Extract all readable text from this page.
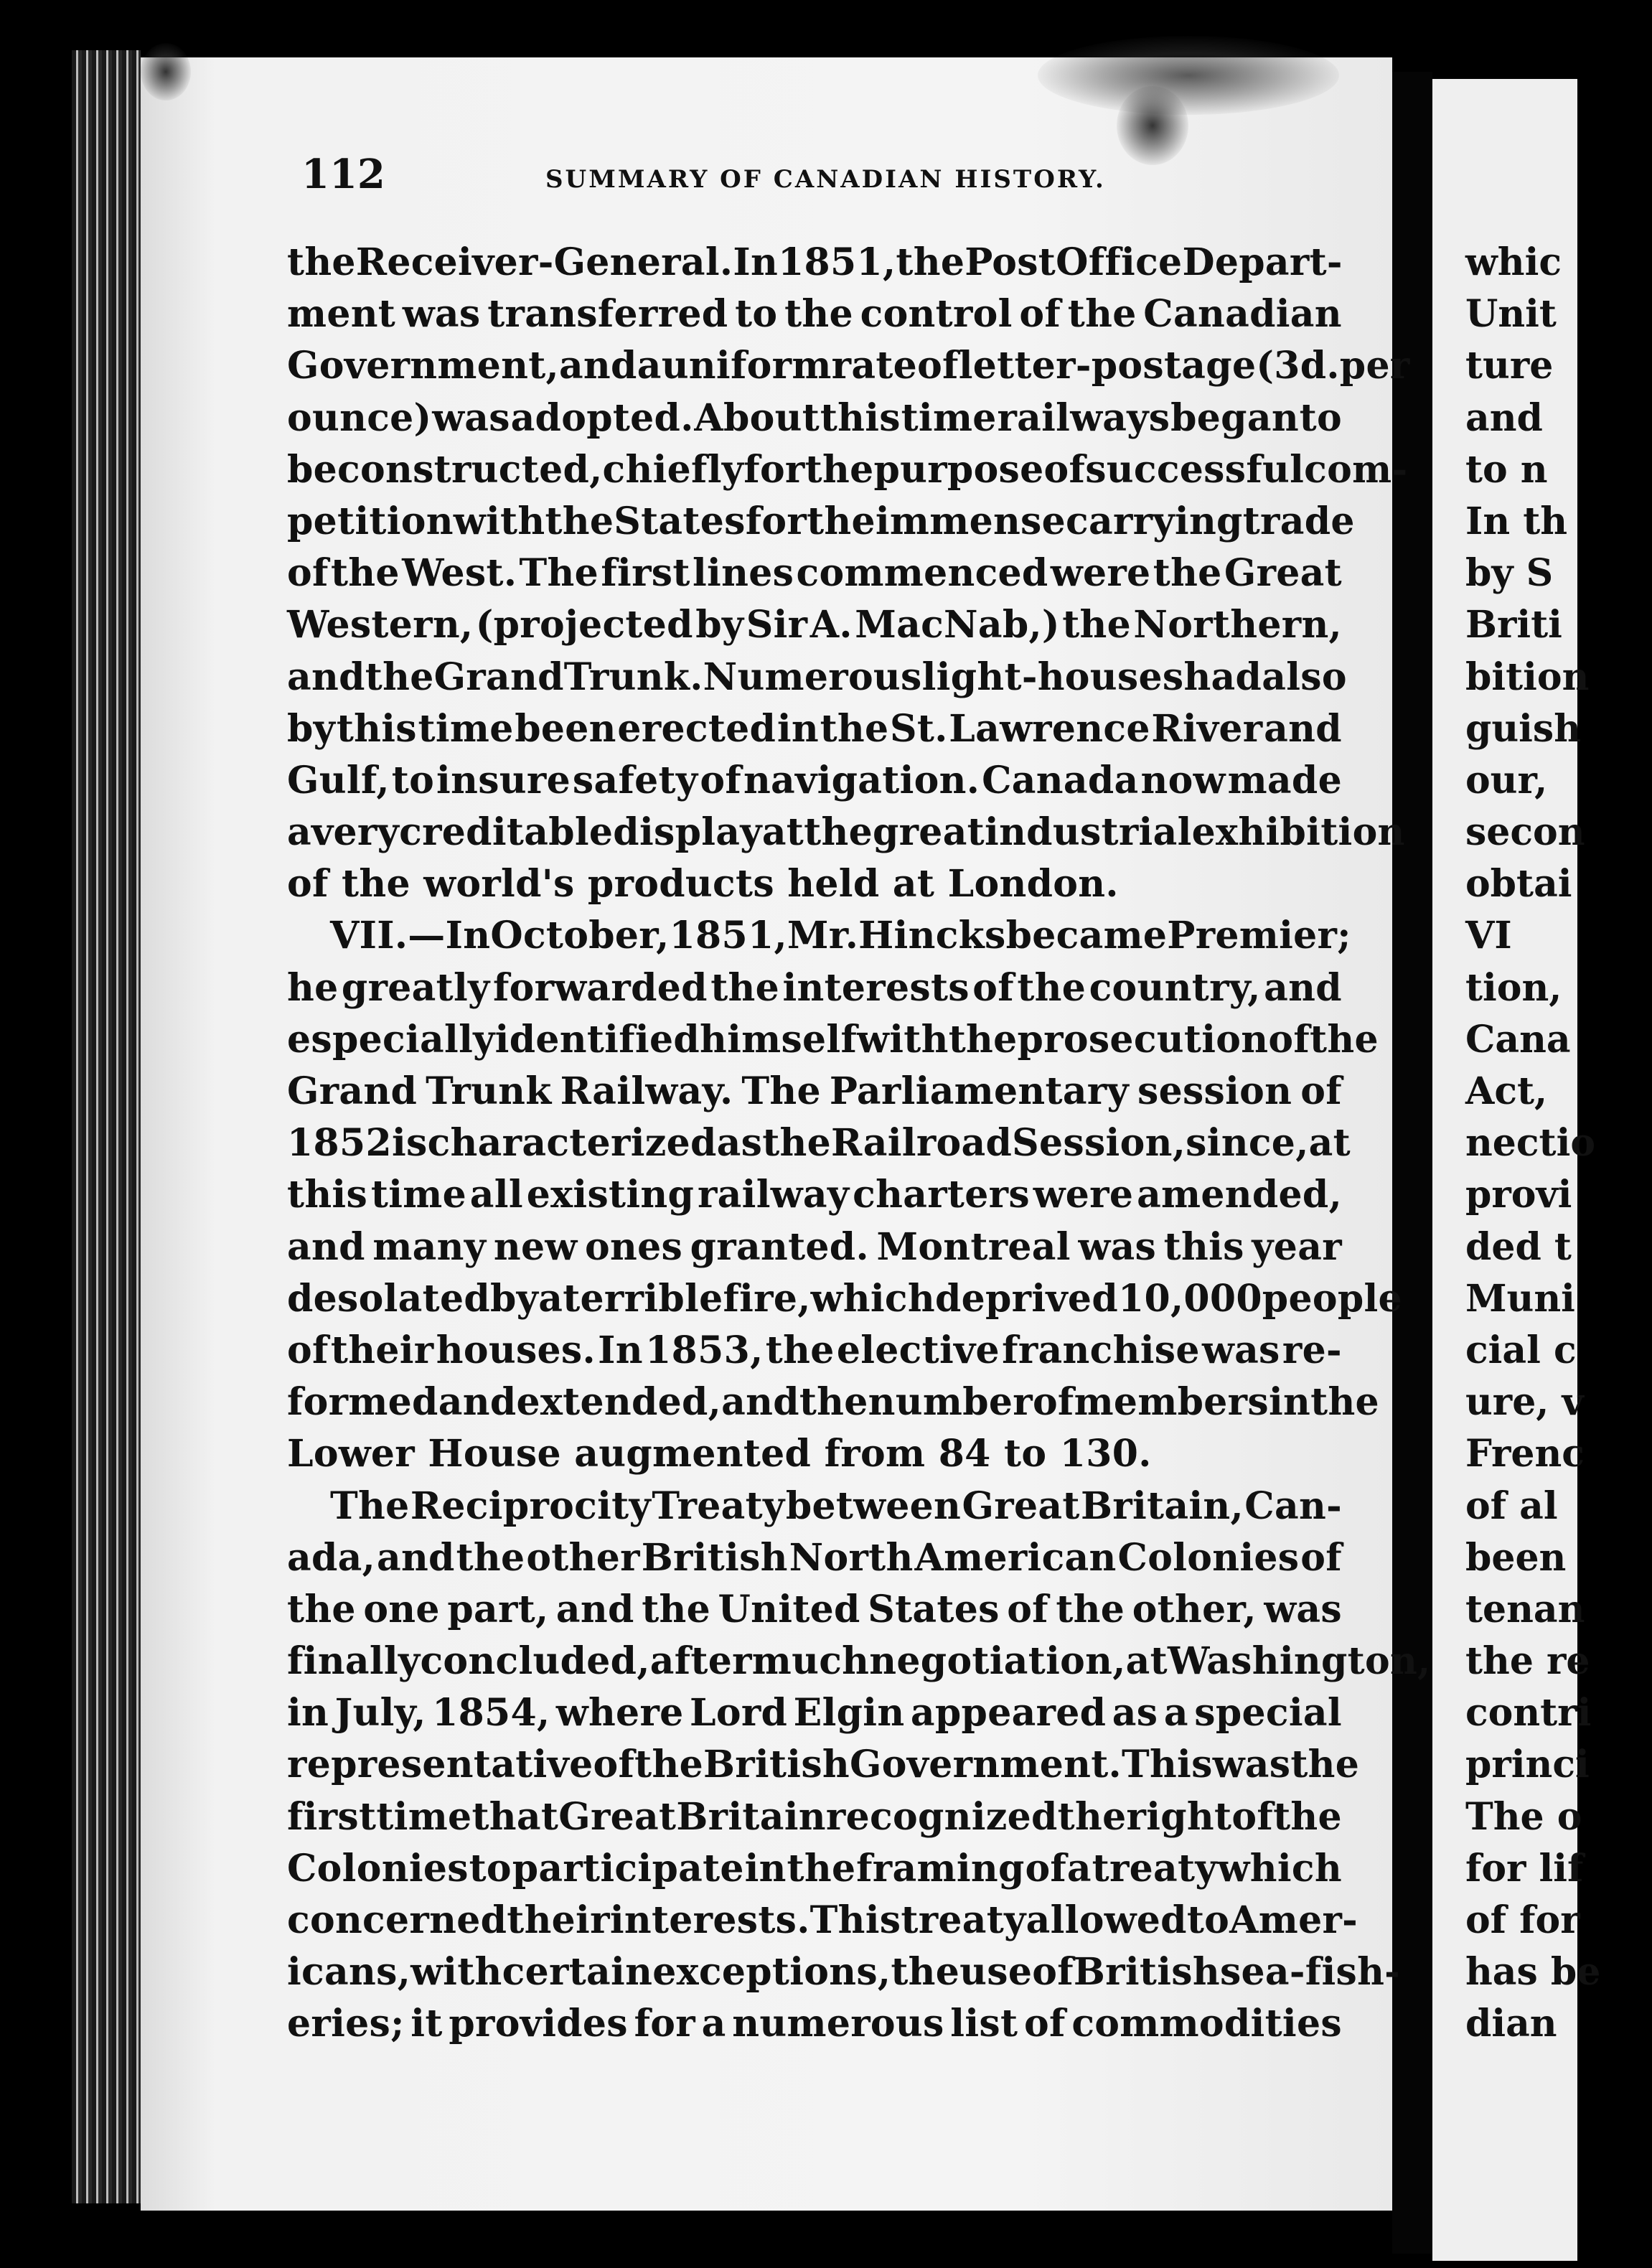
112	SUMMARY OF CANADIAN HISTORY.
the Receiver-General. In 1851, the Post Office Depart-
ment was transferred to the control of the Canadian
Government, and a uniform rate of letter-postage (3d. per
ounce) was adopted. About this time railways began to
be constructed, chiefly for the purpose of successful com-
petition with the States for the immense carrying trade
of the West. The first lines commenced were the Great
Western, (projected by Sir A. MacNab,) the Northern,
and the Grand Trunk. Numerous light-houses had also
by this time been erected in the St. Lawrence River and
Gulf, to insure safety of navigation. Canada now made
a very creditable display at the great industrial exhibition
of the world's products held at London.
VII.—In October, 1851, Mr. Hincks became Premier;
he greatly forwarded the interests of the country, and
especially identified himself with the prosecution of the
Grand Trunk Railway. The Parliamentary session of
1852 is characterized as the Railroad Session, since, at
this time all existing railway charters were amended,
and many new ones granted. Montreal was this year
desolated by a terrible fire, which deprived 10,000 people
of their houses. In 1853, the elective franchise was re-
formed and extended, and the number of members in the
Lower House augmented from 84 to 130.
The Reciprocity Treaty between Great Britain, Can-
ada, and the other British North American Colonies of
the one part, and the United States of the other, was
finally concluded, after much negotiation, at Washington,
in July, 1854, where Lord Elgin appeared as a special
representative of the British Government. This was the
first time that Great Britain recognized the right of the
Colonies to participate in the framing of a treaty which
concerned their interests. This treaty allowed to Amer-
icans, with certain exceptions, the use of British sea-fish-
eries; it provides for a numerous list of commodities
whic
Unit
ture
and
to n
In th
by S
Briti
bition
guish
our,
secon
obtai
VI
tion,
Cana
Act,
nectio
provi
ded t
Muni
cial c
ure, v
Frenc
of al
been
tenan
the re
contri
princi
The o
for lif
of for
has be
dian
